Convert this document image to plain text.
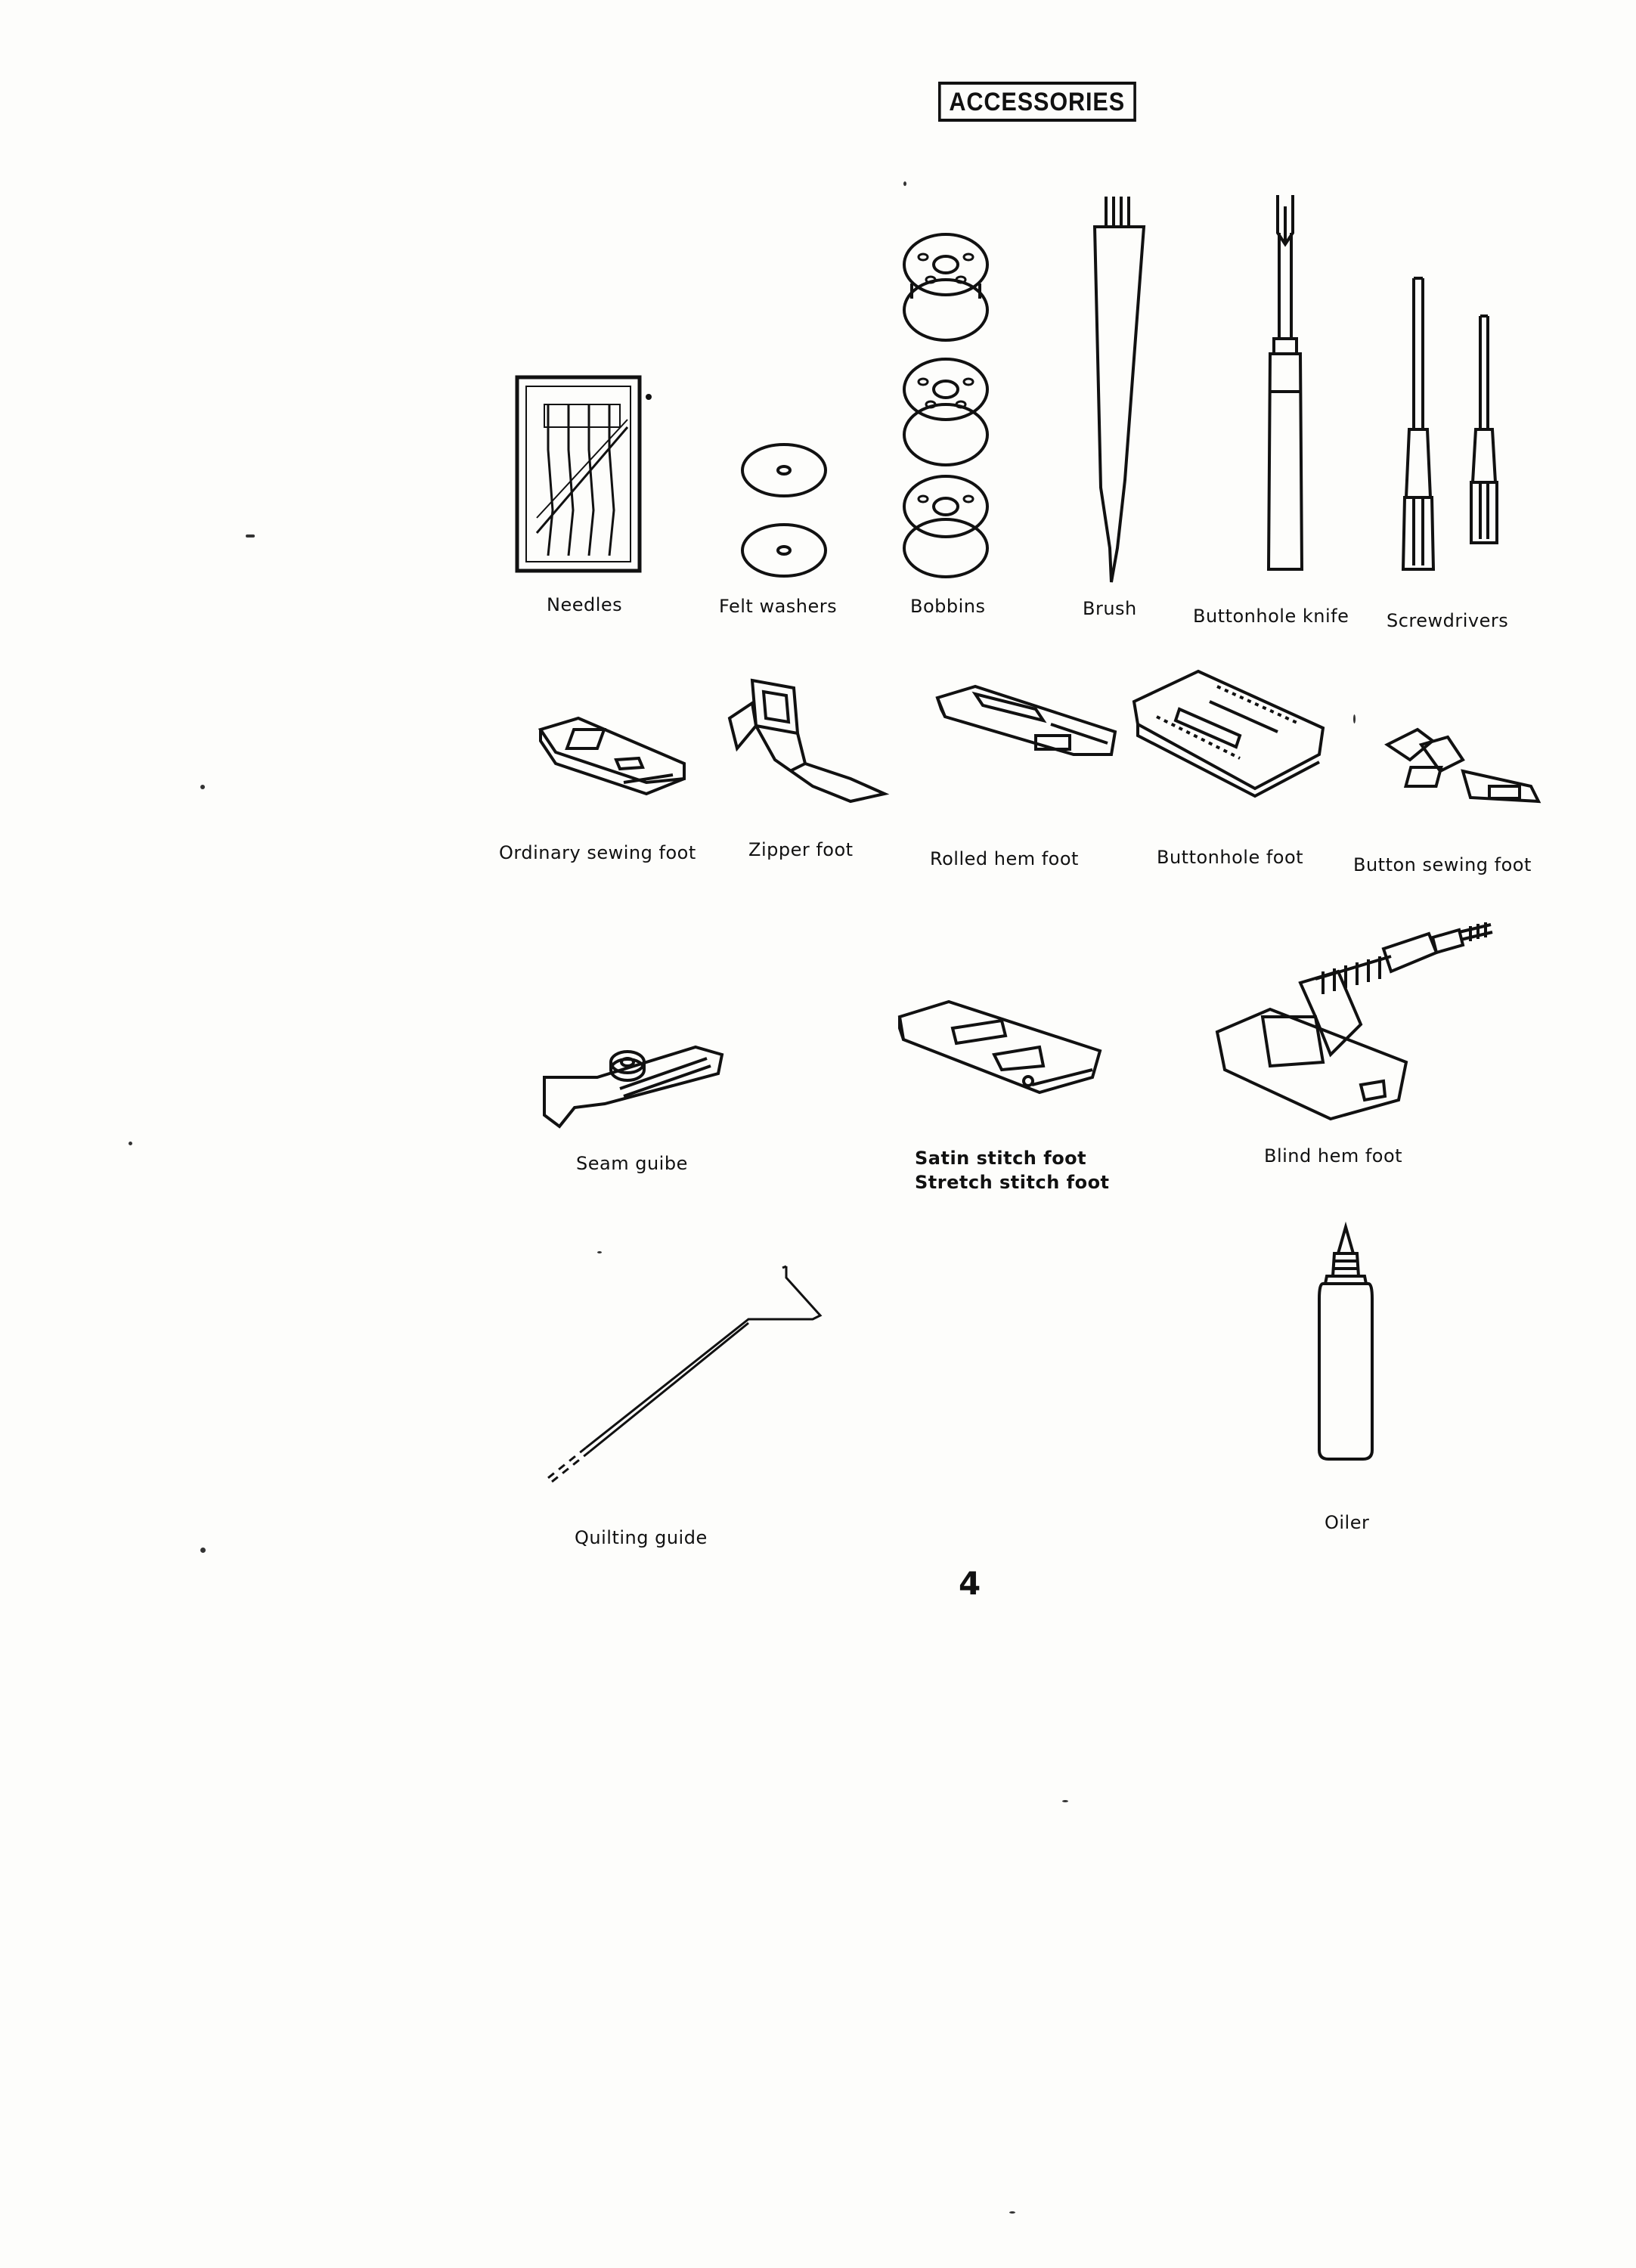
ACCESSORIES
Needles	Felt washers	Bobbins	Brush	Buttonhole knife Screwdrivers
Ordinary sewing foot	Zipper foot	Rolled hem foot	Buttonhole foot	Button sewing foot
Seam guibe	Satin stitch foot
Stretch stitch foot
Blind hem foot
Quilting guide
Oiler
4
